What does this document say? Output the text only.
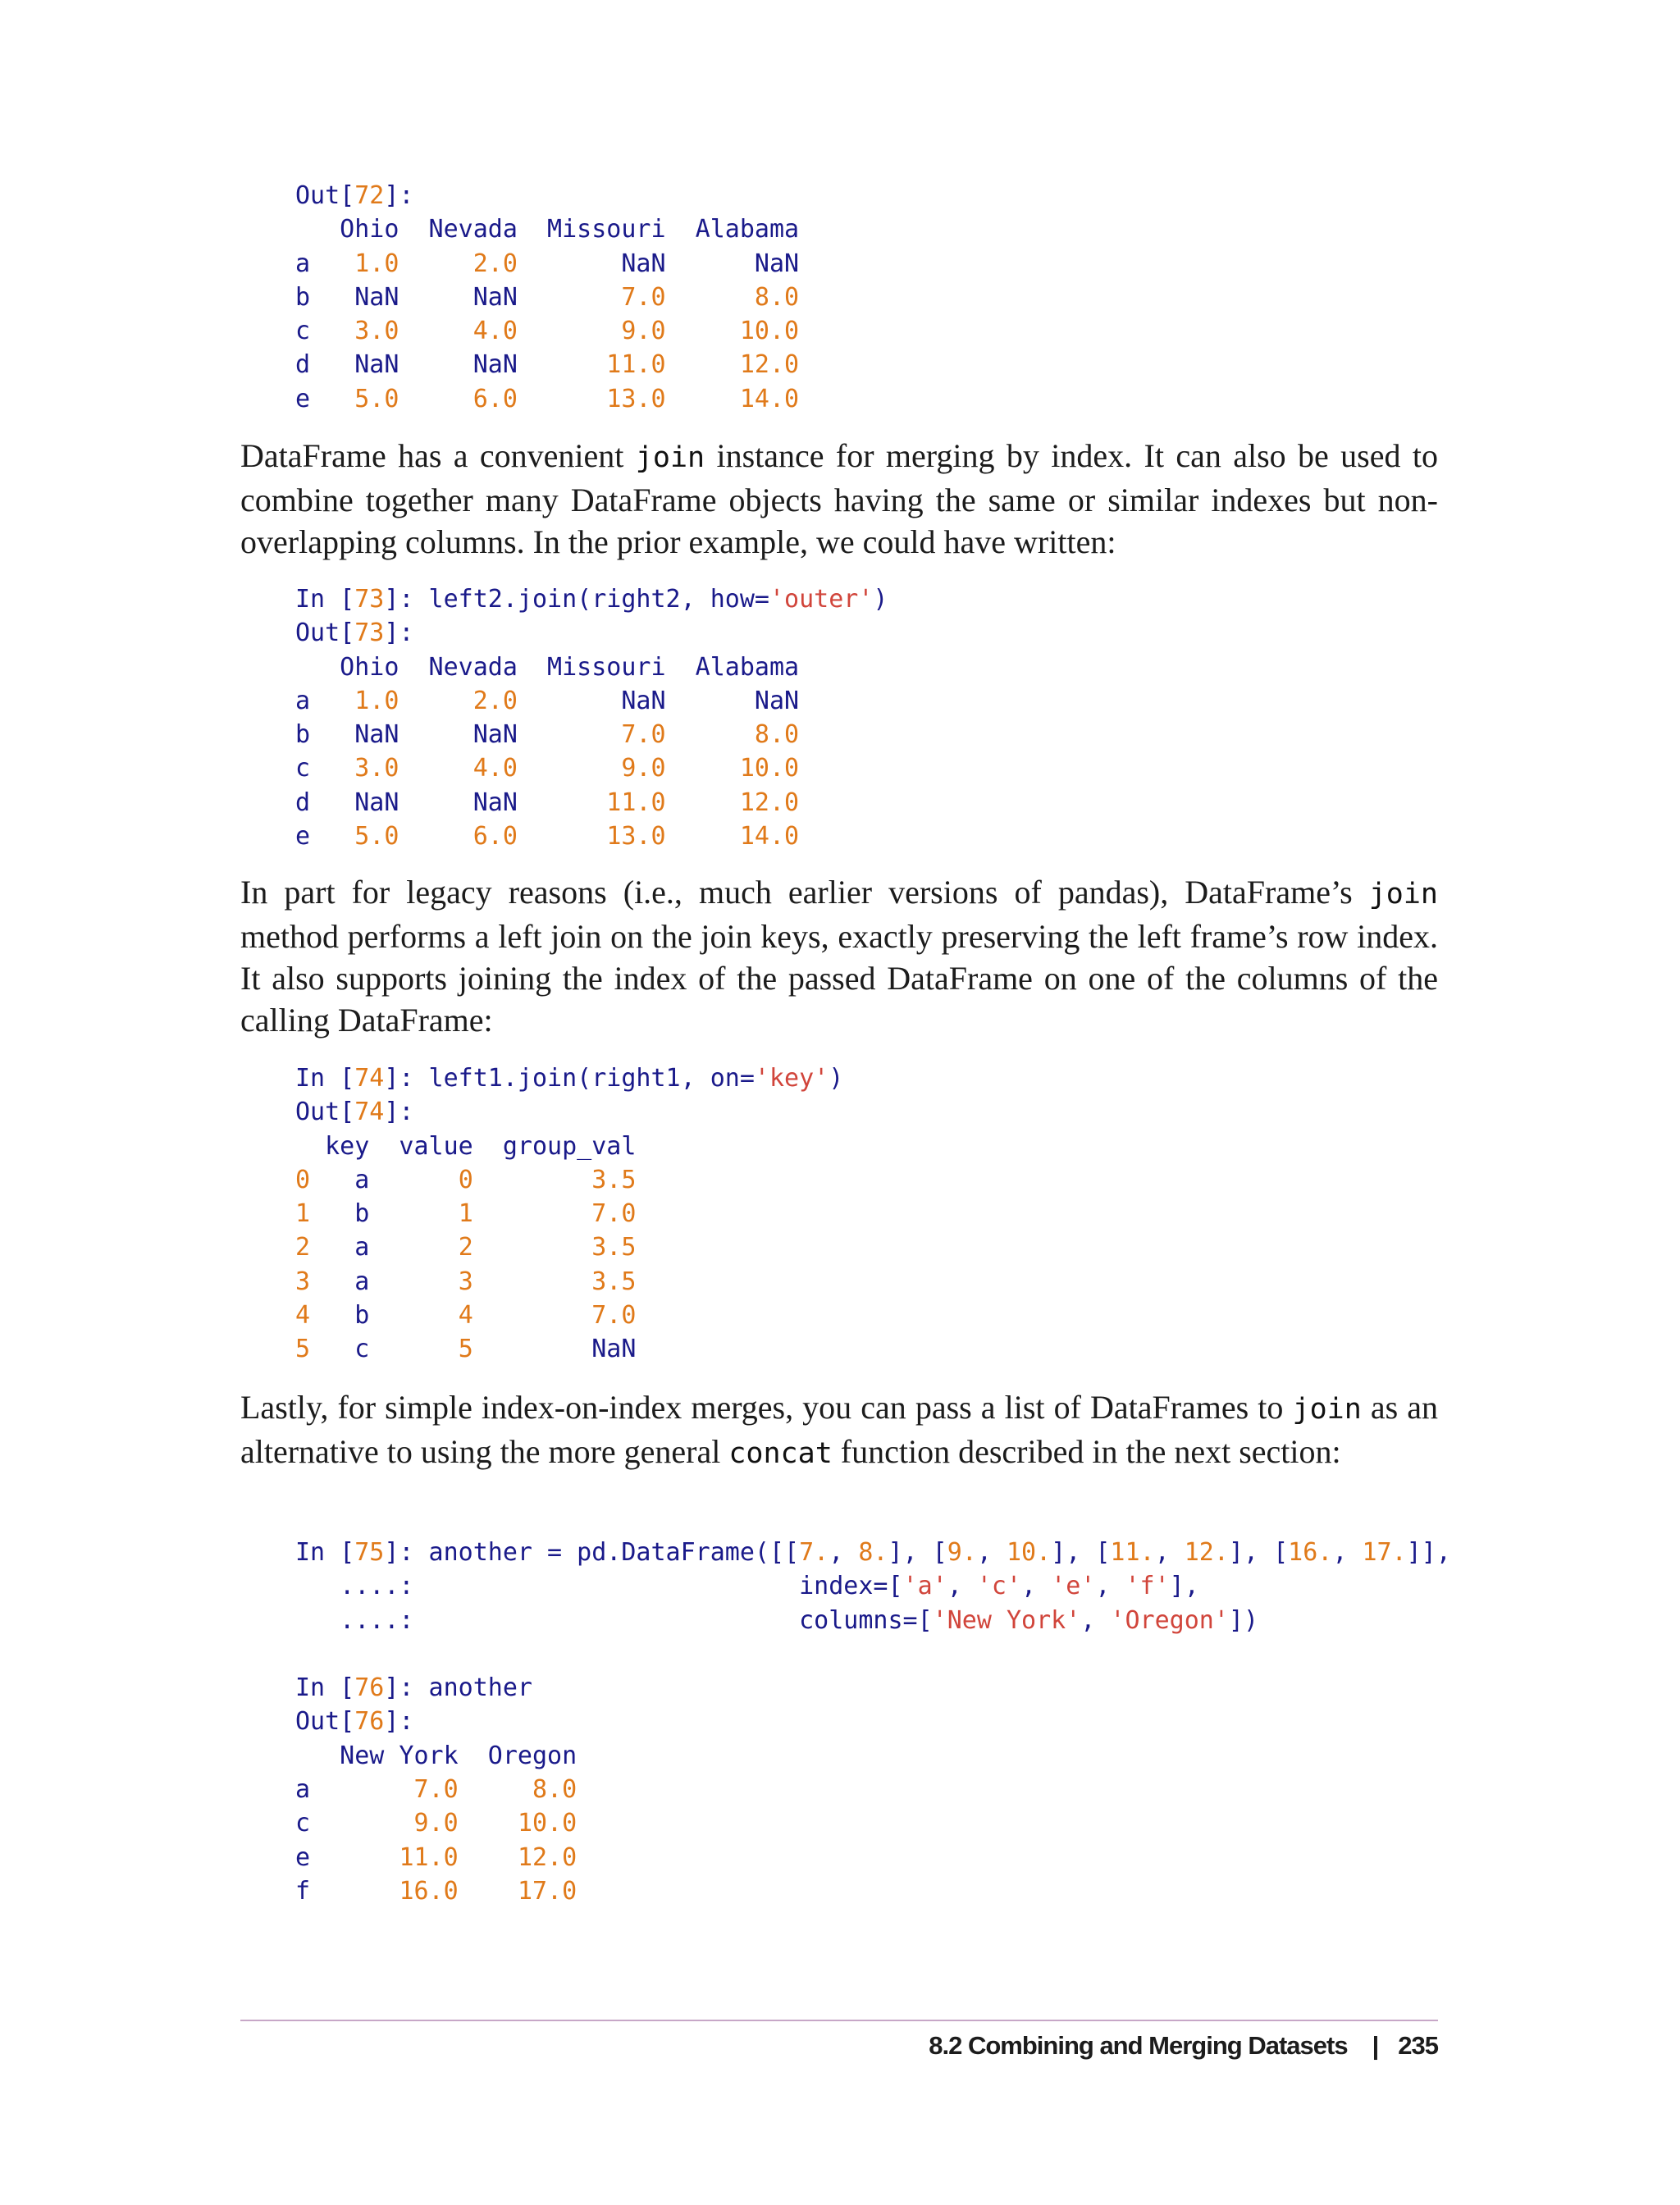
Out[72]:
Ohio  Nevada  Missouri  Alabama
a   1.0	2.0       NaN      NaN
b   NaN     NaN       7.0	8.0
c   3.0	4.0	9.0	10.0
d   NaN     NaN      11.0	12.0
e   5.0	6.0	13.0	14.0

DataFrame has a convenient join instance for merging by index. It can also be used to combine together many DataFrame objects having the same or similar indexes but non-overlapping columns. In the prior example, we could have written:

In [73]: left2.join(right2, how='outer')
Out[73]:
Ohio  Nevada  Missouri  Alabama
a   1.0	2.0       NaN      NaN
b   NaN     NaN       7.0	8.0
c   3.0	4.0	9.0	10.0
d   NaN     NaN      11.0	12.0
e   5.0	6.0	13.0	14.0

In part for legacy reasons (i.e., much earlier versions of pandas), DataFrame’s join method performs a left join on the join keys, exactly preserving the left frame’s row index. It also supports joining the index of the passed DataFrame on one of the columns of the calling DataFrame:

In [74]: left1.join(right1, on='key')
Out[74]:
key  value  group_val
0   a      0	3.5
1   b      1	7.0
2   a      2	3.5
3   a      3	3.5
4   b      4	7.0
5   c      5        NaN

Lastly, for simple index-on-index merges, you can pass a list of DataFrames to join as an alternative to using the more general concat function described in the next section:

In [75]: another = pd.DataFrame([[7., 8.], [9., 10.], [11., 12.], [16., 17.]],
....:                          index=['a', 'c', 'e', 'f'],
....:                          columns=['New York', 'Oregon'])
In [76]: another
Out[76]:
New York  Oregon
a       7.0	8.0
c       9.0 10.0
e      11.0 12.0
f      16.0 17.0
8.2 Combining and Merging Datasets | 235
